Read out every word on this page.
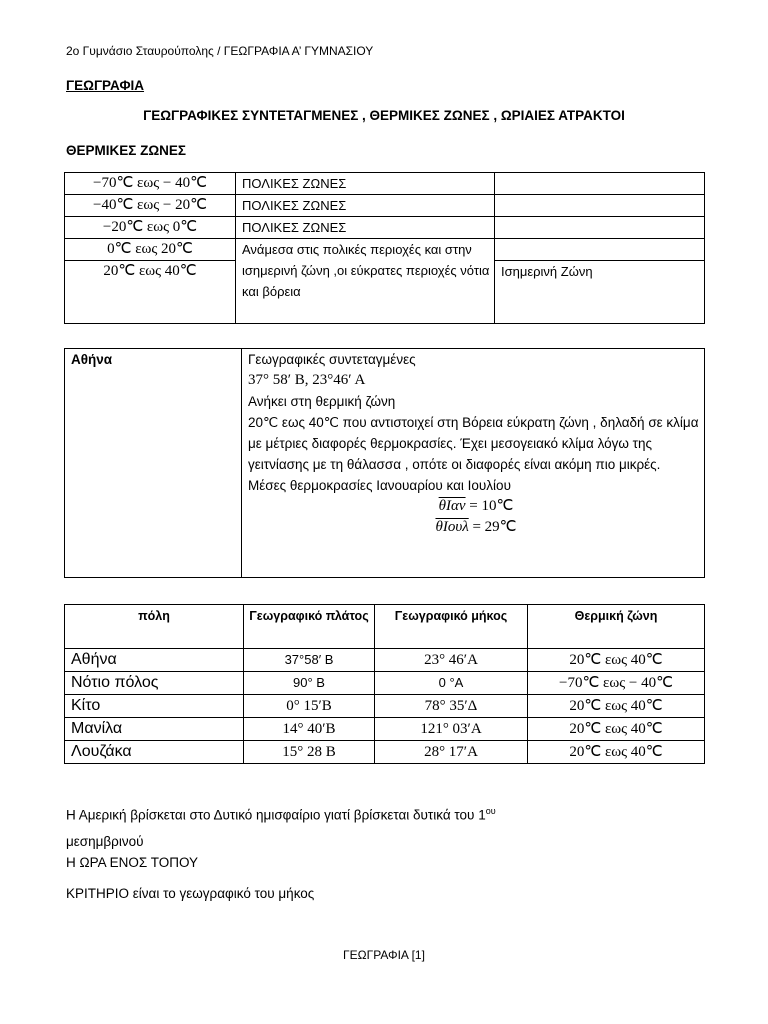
2ο Γυμνάσιο Σταυρούπολης / ΓΕΩΓΡΑΦΙΑ Α’ ΓΥΜΝΑΣΙΟΥ
ΓΕΩΓΡΑΦΙΑ
ΓΕΩΓΡΑΦΙΚΕΣ ΣΥΝΤΕΤΑΓΜΕΝΕΣ , ΘΕΡΜΙΚΕΣ ΖΩΝΕΣ , ΩΡΙΑΙΕΣ ΑΤΡΑΚΤΟΙ
ΘΕΡΜΙΚΕΣ ΖΩΝΕΣ
−70℃ εως − 40℃	ΠΟΛΙΚΕΣ ΖΩΝΕΣ	
−40℃ εως − 20℃	ΠΟΛΙΚΕΣ ΖΩΝΕΣ	
−20℃ εως 0℃	ΠΟΛΙΚΕΣ ΖΩΝΕΣ	
0℃ εως 20℃	Ανάμεσα στις πολικές περιοχές και στην ισημερινή ζώνη ,οι εύκρατες περιοχές νότια και βόρεια	
20℃ εως 40℃		Ισημερινή Ζώνη
Αθήνα	Γεωγραφικές συντεταγμένες
37° 58′ Β, 23°46′ Α
Ανήκει στη θερμική ζώνη
20℃ εως 40℃ που αντιστοιχεί στη Βόρεια εύκρατη ζώνη , δηλαδή σε κλίμα με μέτριες διαφορές θερμοκρασίες. Έχει μεσογειακό κλίμα λόγω της γειτνίασης με τη θάλασσα , οπότε οι διαφορές είναι ακόμη πιο μικρές.
Μέσες θερμοκρασίες Ιανουαρίου και Ιουλίου
θΙαν = 10℃
θΙουλ = 29℃
πόλη	Γεωγραφικό πλάτος	Γεωγραφικό μήκος	Θερμική ζώνη
Αθήνα	37°58′ Β	23° 46′Α	20℃ εως 40℃
Νότιο πόλος	90° Β	0 °Α	−70℃ εως − 40℃
Κίτο	0° 15′Β	78° 35′Δ	20℃ εως 40℃
Μανίλα	14° 40′Β	121° 03′Α	20℃ εως 40℃
Λουζάκα	15° 28 Β	28° 17′Α	20℃ εως 40℃
Η Αμερική βρίσκεται στο Δυτικό ημισφαίριο γιατί βρίσκεται δυτικά του $1^{o\upsilon}$
μεσημβρινού
Η ΩΡΑ ΕΝΟΣ ΤΟΠΟΥ
ΚΡΙΤΗΡΙΟ είναι το γεωγραφικό του μήκος
ΓΕΩΓΡΑΦΙΑ [1]
